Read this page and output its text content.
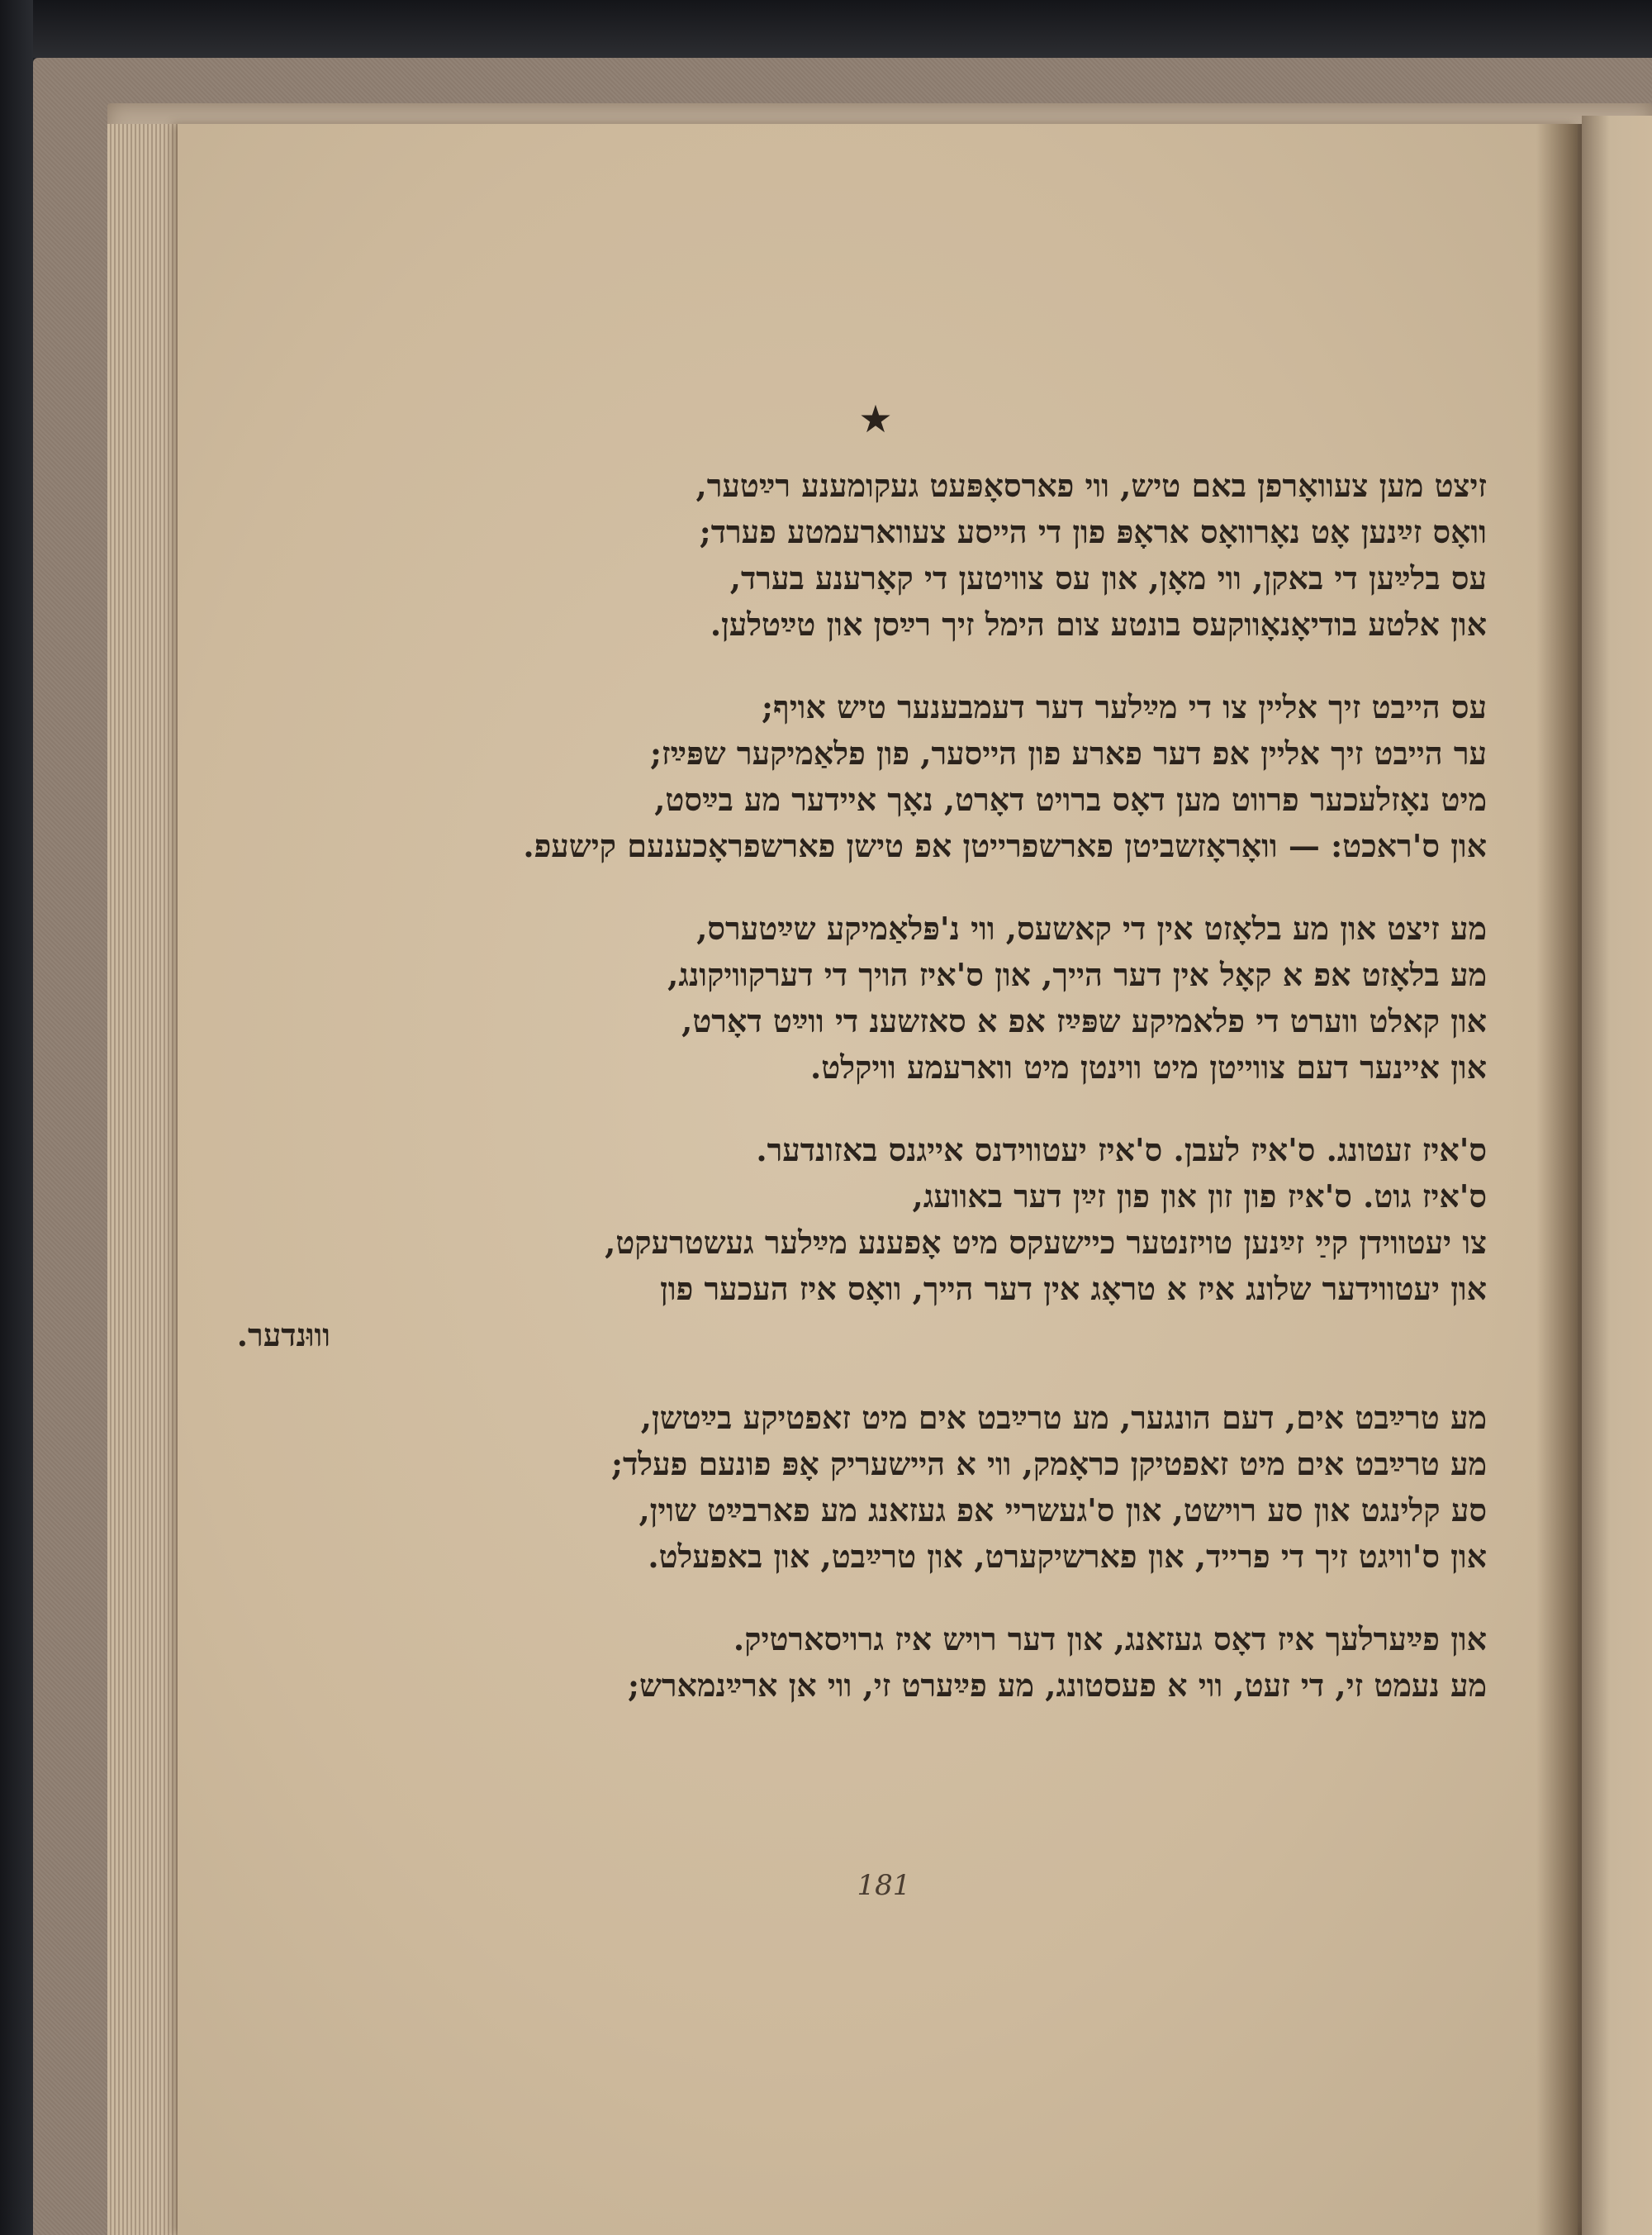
★
זיצט מען צעוואָרפן באם טיש, ווי פארסאָפּעט געקומענע רײַטער,
וואָס זײַנען אָט נאָרוואָס אראָפּ פון די הייסע צעווארעמטע פערד;
עס בלײַען די באקן, ווי מאָן, און עס צוויטען די קאָרענע בערד,
און אלטע בודיאָנאָווקעס בונטע צום הימל זיך רײַסן און טײַטלען.
עס הייבט זיך אליין צו די מײַלער דער דעמבענער טיש אויף;
ער הייבט זיך אליין אפ דער פארע פון הייסער, פון פלאַמיקער שפּײַז;
מיט נאָזלעכער פרווט מען דאָס ברויט דאָרט, נאָך איידער מע בײַסט,
און ס'ראכט: — וואָראָזשביטן פארשפרייטן אפ טישן פארשפראָכענעם קישעפ.
מע זיצט און מע בלאָזט אין די קאשעס, ווי נ'פּלאַמיקע שײַטערס,
מע בלאָזט אפ א קאָל אין דער הייך, און ס'איז הויך די דערקוויקונג,
און קאלט ווערט די פלאמיקע שפּײַז אפ א סאזשענ די ווײַט דאָרט,
און איינער דעם צווייטן מיט ווינטן מיט ווארעמע וויקלט.
ס'איז זעטונג. ס'איז לעבן. ס'איז יעטווידנס אייגנס באזונדער.
ס'איז גוט. ס'איז פון זון און פון זײַן דער באוועג,
צו יעטווידן קײַ זײַנען טויזנטער כיישעקס מיט אָפענע מײַלער געשטרעקט,
און יעטווידער שלונג איז א טראָג אין דער הייך, וואָס איז העכער פון
וווּנדער.
מע טרײַבט אים, דעם הונגער, מע טרײַבט אים מיט זאפטיקע בײַטשן,
מע טרײַבט אים מיט זאפטיקן כראָמק, ווי א היישעריק אָפּ פונעם פעלד;
סע קלינגט און סע רוישט, און ס'געשריי אפ געזאנג מע פארבײַט שוין,
און ס'וויגט זיך די פרייד, און פארשיקערט, און טרײַבט, און באפעלט.
און פײַערלעך איז דאָס געזאנג, און דער רויש איז גרויסארטיק.
מע נעמט זי, די זעט, ווי א פעסטונג, מע פײַערט זי, ווי אן ארײַנמארש;
181
